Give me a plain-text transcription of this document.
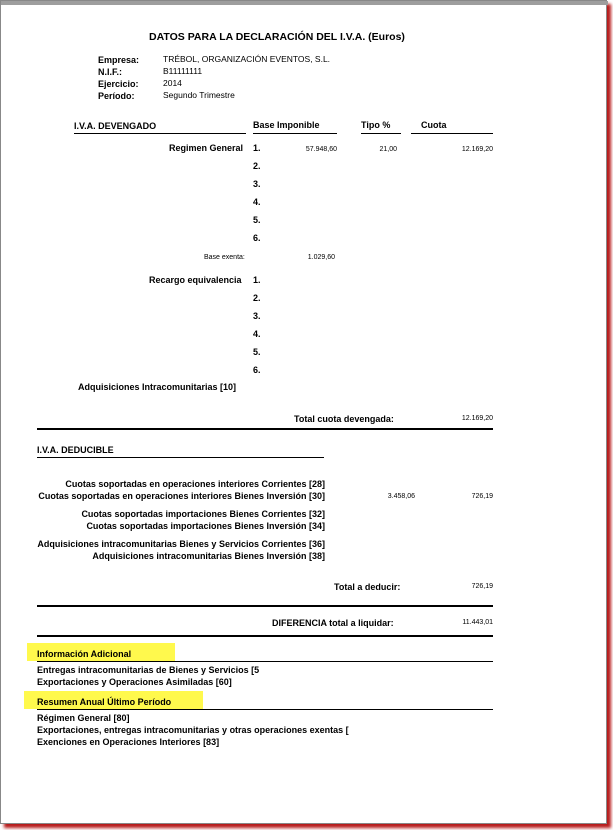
DATOS PARA LA DECLARACIÓN DEL I.V.A. (Euros)
Empresa:	TRÉBOL, ORGANIZACIÓN EVENTOS, S.L.
N.I.F.:	B11111111
Ejercicio:	2014
Período:	Segundo Trimestre
I.V.A. DEVENGADO	Base Imponible	Tipo %	Cuota
Regimen General 1.	57.948,60	21,00	12.169,20
2.
3.
4.
5.
6.
Base exenta:	1.029,60
Recargo equivalencia 1.
2.
3.
4.
5.
6.
Adquisiciones Intracomunitarias [10]
Total cuota devengada:	12.169,20
I.V.A. DEDUCIBLE
Cuotas soportadas en operaciones interiores Corrientes [28]
Cuotas soportadas en operaciones interiores Bienes Inversión [30]	3.458,06	726,19
Cuotas soportadas importaciones Bienes Corrientes [32]
Cuotas soportadas importaciones Bienes Inversión [34]
Adquisiciones intracomunitarias Bienes y Servicios Corrientes [36]
Adquisiciones intracomunitarias Bienes Inversión [38]
Total a deducir:	726,19
DIFERENCIA total a liquidar:	11.443,01
Información Adicional
Entregas intracomunitarias de Bienes y Servicios [5
Exportaciones y Operaciones Asimiladas [60]
Resumen Anual Último Período
Régimen General [80]
Exportaciones, entregas intracomunitarias y otras operaciones exentas [
Exenciones en Operaciones Interiores [83]
